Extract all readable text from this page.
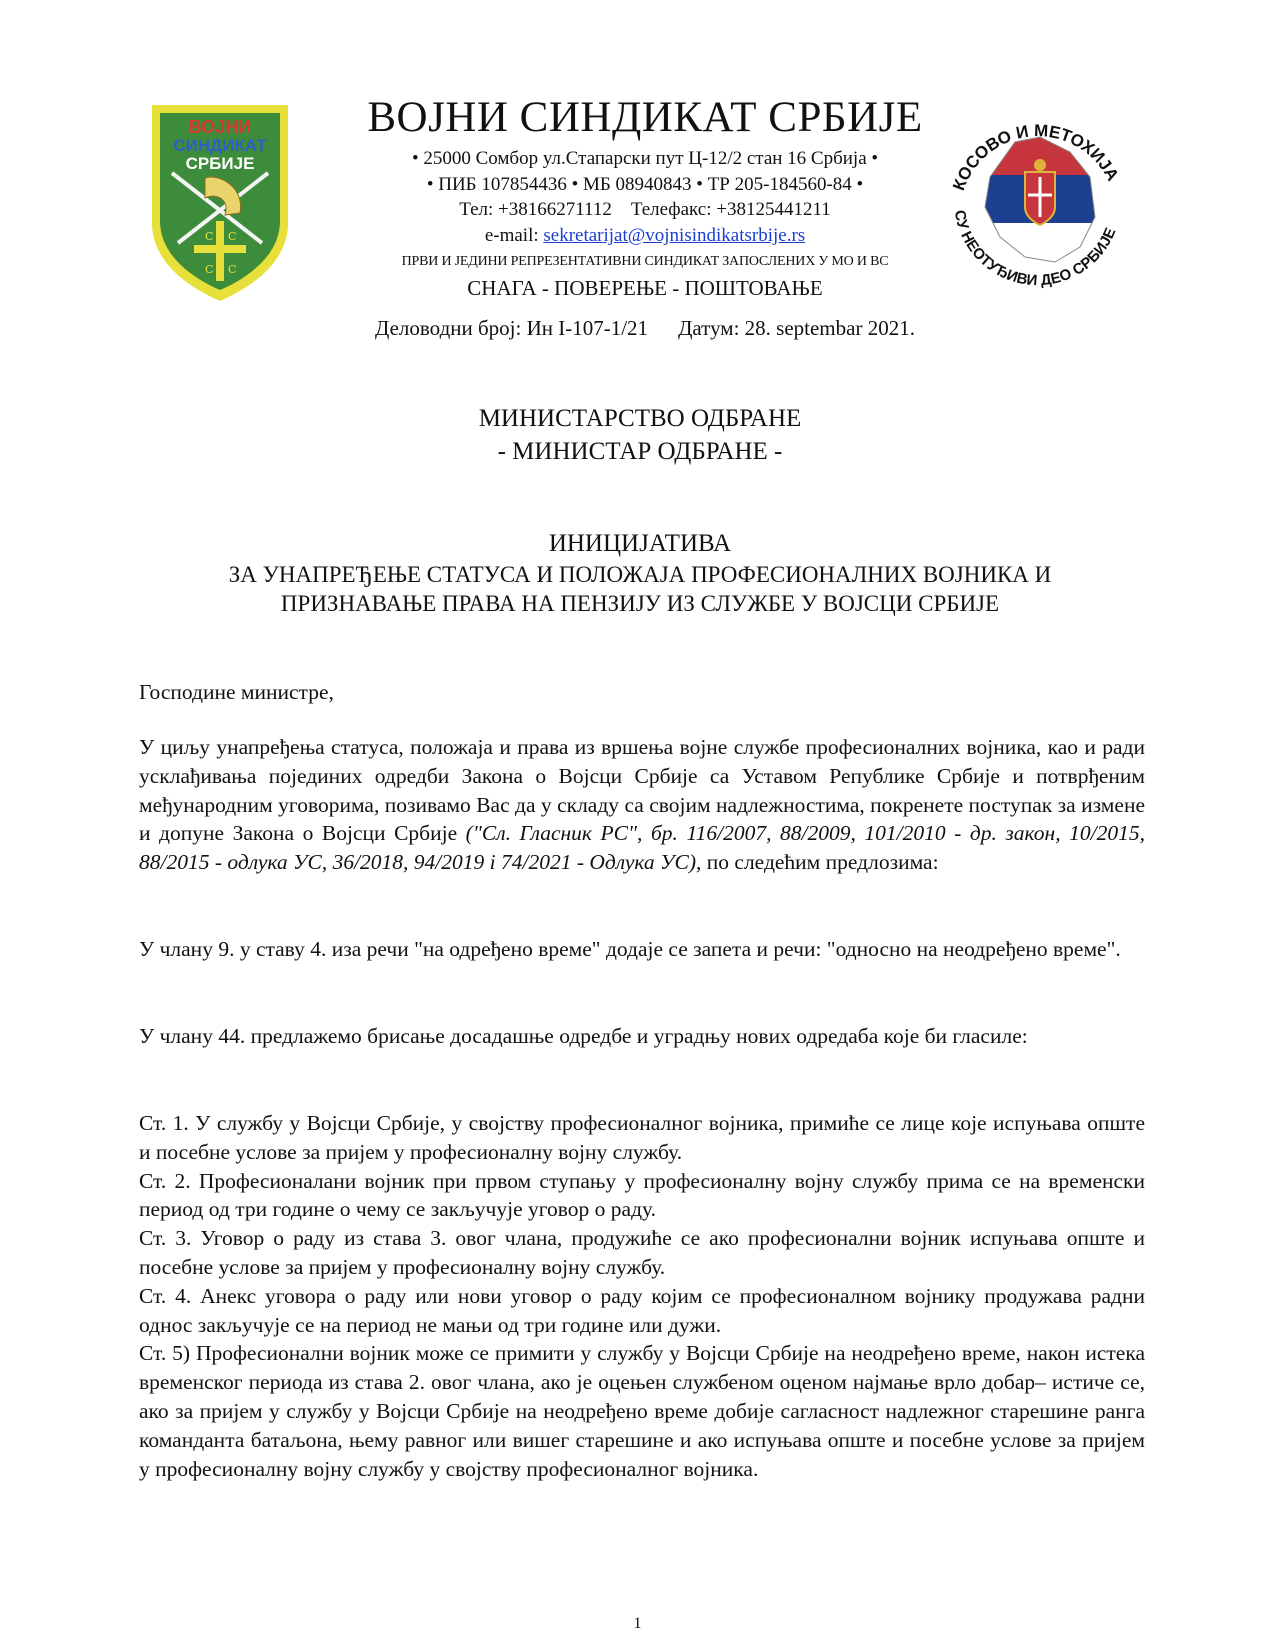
ВОЈНИ
СИНДИКАТ
СРБИЈЕ
С С
С С
КОСОВО И МЕТОХИЈА
СУ НЕОТУЂИВИ ДЕО СРБИЈЕ
ВОЈНИ СИНДИКАТ СРБИЈЕ
• 25000 Сомбор ул.Стапарски пут Ц-12/2 стан 16 Србија •
• ПИБ 107854436 • МБ 08940843 • ТР 205-184560-84 •
Тел: +38166271112 Телефакс: +38125441211
e-mail: sekretarijat@vojnisindikatsrbije.rs
ПРВИ И ЈЕДИНИ РЕПРЕЗЕНТАТИВНИ СИНДИКАТ ЗАПОСЛЕНИХ У МО И ВС
СНАГА - ПОВЕРЕЊЕ - ПОШТОВАЊЕ
Деловодни број: Ин I-107-1/21 Датум: 28. septembar 2021.
МИНИСТАРСТВО ОДБРАНЕ
- МИНИСТАР ОДБРАНЕ -
ИНИЦИЈАТИВА
ЗА УНАПРЕЂЕЊЕ СТАТУСА И ПОЛОЖАЈА ПРОФЕСИОНАЛНИХ ВОЈНИКА И
ПРИЗНАВАЊЕ ПРАВА НА ПЕНЗИЈУ ИЗ СЛУЖБЕ У ВОЈСЦИ СРБИЈЕ
Господине министре,
У циљу унапређења статуса, положаја и права из вршења војне службе професионалних војника, као и ради усклађивања појединих одредби Закона о Војсци Србије са Уставом Републике Србије и потврђеним међународним уговорима, позивамо Вас да у складу са својим надлежностима, покренете поступак за измене и допуне Закона о Војсци Србије ("Сл. Гласник РС", бр. 116/2007, 88/2009, 101/2010 - др. закон, 10/2015, 88/2015 - одлука УС, 36/2018, 94/2019 i 74/2021 - Одлука УС), по следећим предлозима:
У члану 9. у ставу 4. иза речи "на одређено време" додаје се запета и речи: "односно на неодређено време".
У члану 44. предлажемо брисање досадашње одредбе и уградњу нових одредаба које би гласиле:
Ст. 1. У службу у Војсци Србије, у својству професионалног војника, примиће се лице које испуњава опште и посебне услове за пријем у професионалну војну службу.
Ст. 2. Професионалани војник при првом ступању у професионалну војну службу прима се на временски период од три године о чему се закључује уговор о раду.
Ст. 3. Уговор о раду из става 3. овог члана, продужиће се ако професионални војник испуњава опште и посебне услове за пријем у професионалну војну службу.
Ст. 4. Анекс уговора о раду или нови уговор о раду којим се професионалном војнику продужава радни однос закључује се на период не мањи од три године или дужи.
Ст. 5) Професионални војник може се примити у службу у Војсци Србије на неодређено време, након истека временског периода из става 2. овог члана, ако је оцењен службеном оценом најмање врло добар– истиче се, ако за пријем у службу у Војсци Србије на неодређено време добије сагласност надлежног старешине ранга команданта батаљона, њему равног или вишег старешине и ако испуњава опште и посебне услове за пријем у професионалну војну службу у својству професионалног војника.
1
